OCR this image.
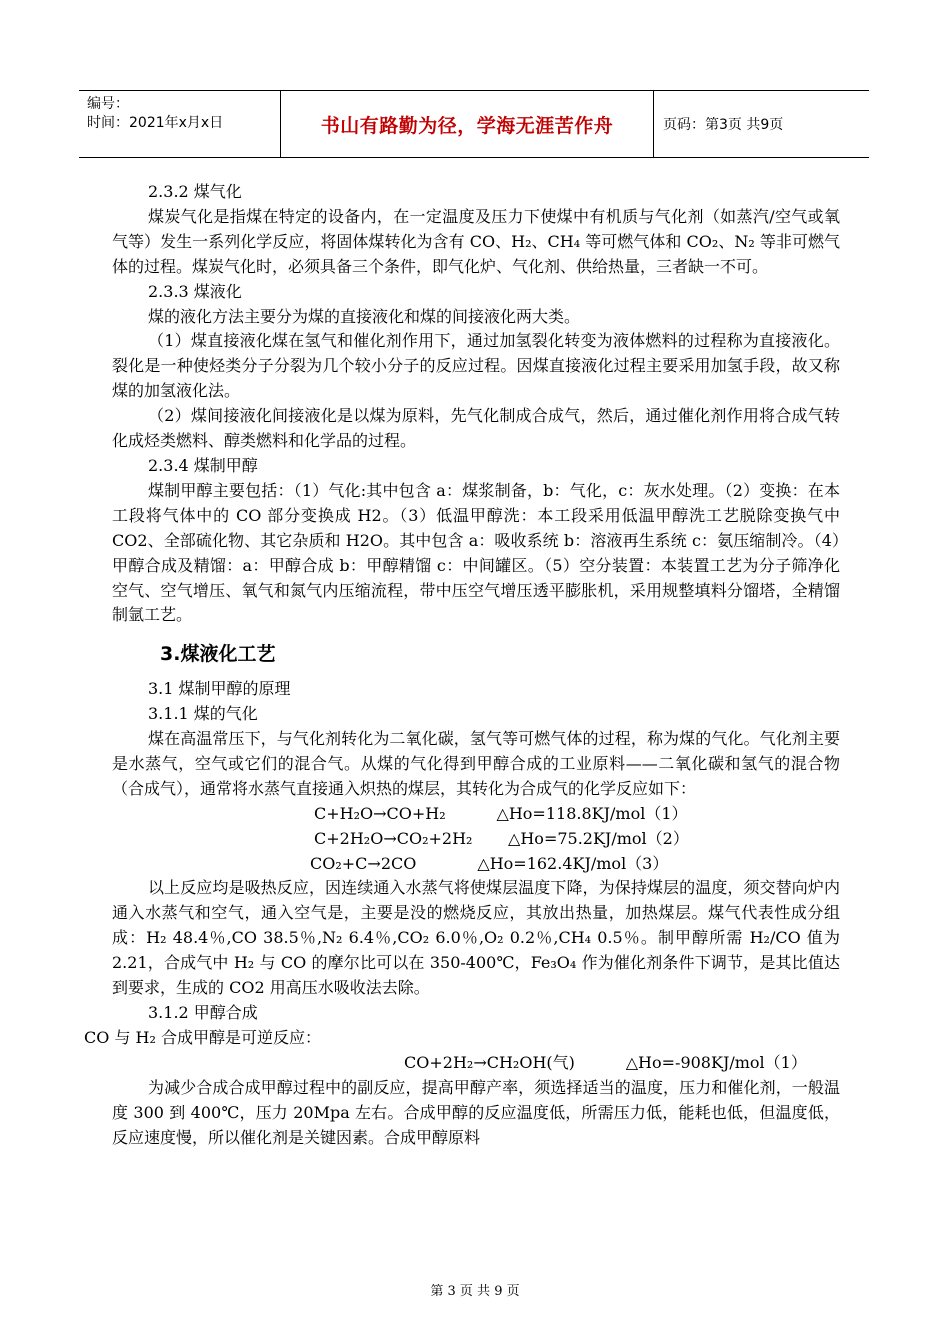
编号：
时间：2021年x月x日	书山有路勤为径，学海无涯苦作舟	页码：第3页 共9页

2.3.2 煤气化

煤炭气化是指煤在特定的设备内，在一定温度及压力下使煤中有机质与气化剂（如蒸汽/空气或氧气等）发生一系列化学反应，将固体煤转化为含有 CO、H₂、CH₄ 等可燃气体和 CO₂、N₂ 等非可燃气体的过程。煤炭气化时，必须具备三个条件，即气化炉、气化剂、供给热量，三者缺一不可。

2.3.3 煤液化

煤的液化方法主要分为煤的直接液化和煤的间接液化两大类。

（1）煤直接液化煤在氢气和催化剂作用下，通过加氢裂化转变为液体燃料的过程称为直接液化。裂化是一种使烃类分子分裂为几个较小分子的反应过程。因煤直接液化过程主要采用加氢手段，故又称煤的加氢液化法。

（2）煤间接液化间接液化是以煤为原料，先气化制成合成气，然后，通过催化剂作用将合成气转化成烃类燃料、醇类燃料和化学品的过程。

2.3.4 煤制甲醇

煤制甲醇主要包括：（1）气化:其中包含 a：煤浆制备，b：气化，c：灰水处理。（2）变换：在本工段将气体中的 CO 部分变换成 H2。（3）低温甲醇洗：本工段采用低温甲醇洗工艺脱除变换气中 CO2、全部硫化物、其它杂质和 H2O。其中包含 a：吸收系统 b：溶液再生系统 c：氨压缩制冷。（4）甲醇合成及精馏：a：甲醇合成 b：甲醇精馏 c：中间罐区。（5）空分装置：本装置工艺为分子筛净化空气、空气增压、氧气和氮气内压缩流程，带中压空气增压透平膨胀机，采用规整填料分馏塔，全精馏制氩工艺。

3.煤液化工艺

3.1 煤制甲醇的原理

3.1.1 煤的气化

煤在高温常压下，与气化剂转化为二氧化碳，氢气等可燃气体的过程，称为煤的气化。气化剂主要是水蒸气，空气或它们的混合气。从煤的气化得到甲醇合成的工业原料——二氧化碳和氢气的混合物（合成气），通常将水蒸气直接通入炽热的煤层，其转化为合成气的化学反应如下：

C+H₂O→CO+H₂          △Ho=118.8KJ/mol（1）

C+2H₂O→CO₂+2H₂       △Ho=75.2KJ/mol（2）

CO₂+C→2CO            △Ho=162.4KJ/mol（3）

以上反应均是吸热反应，因连续通入水蒸气将使煤层温度下降，为保持煤层的温度，须交替向炉内通入水蒸气和空气，通入空气是，主要是没的燃烧反应，其放出热量，加热煤层。煤气代表性成分组成：H₂ 48.4％,CO 38.5％,N₂ 6.4％,CO₂ 6.0％,O₂ 0.2％,CH₄ 0.5％。制甲醇所需 H₂/CO 值为 2.21，合成气中 H₂ 与 CO 的摩尔比可以在 350-400℃，Fe₃O₄ 作为催化剂条件下调节，是其比值达到要求，生成的 CO2 用高压水吸收法去除。

3.1.2 甲醇合成

CO 与 H₂ 合成甲醇是可逆反应：

CO+2H₂→CH₂OH(气)          △Ho=-908KJ/mol（1）

为减少合成合成甲醇过程中的副反应，提高甲醇产率，须选择适当的温度，压力和催化剂，一般温度 300 到 400℃，压力 20Mpa 左右。合成甲醇的反应温度低，所需压力低，能耗也低，但温度低，反应速度慢，所以催化剂是关键因素。合成甲醇原料

第 3 页 共 9 页
